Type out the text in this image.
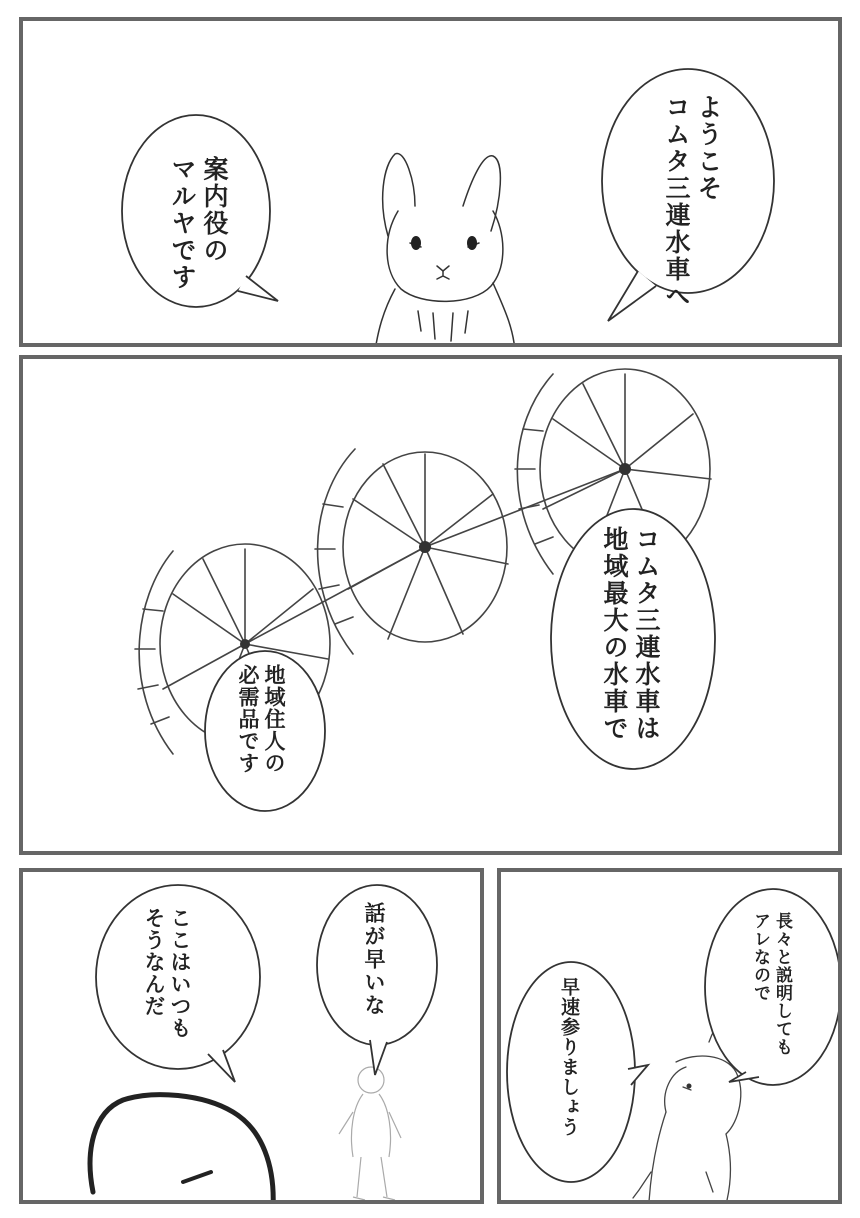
ようこそ
コムタ三連水車へ
案内役の
マルヤです
コムタ三連水車は
地域最大の水車で
地域住人の
必需品です
話が早いな
ここはいつも
そうなんだ	長々と説明しても
アレなので
早速参りましょう
